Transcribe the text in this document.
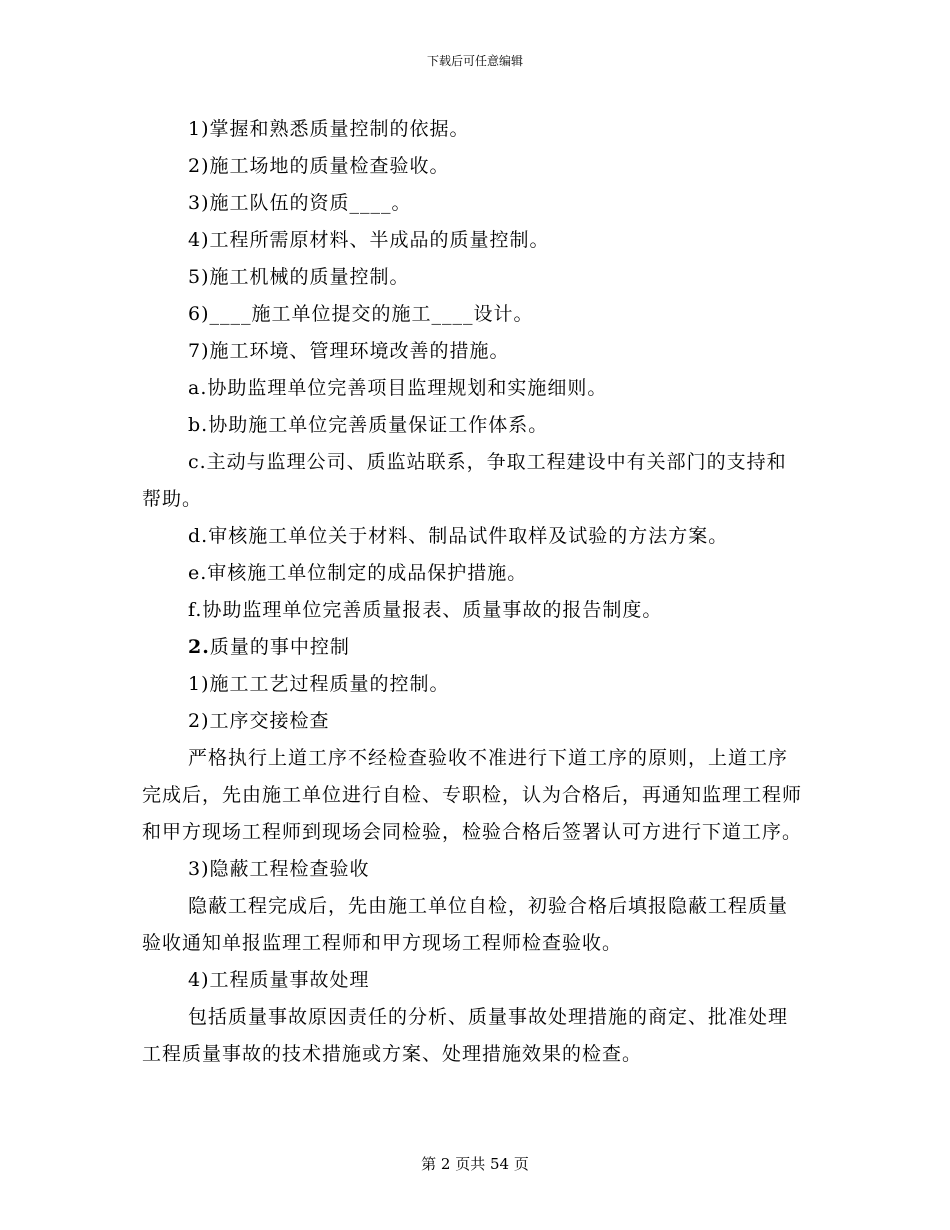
下载后可任意编辑

1)掌握和熟悉质量控制的依据。

2)施工场地的质量检查验收。

3)施工队伍的资质____。

4)工程所需原材料、半成品的质量控制。

5)施工机械的质量控制。

6)____施工单位提交的施工____设计。

7)施工环境、管理环境改善的措施。

a.协助监理单位完善项目监理规划和实施细则。

b.协助施工单位完善质量保证工作体系。

c.主动与监理公司、质监站联系，争取工程建设中有关部门的支持和帮助。

d.审核施工单位关于材料、制品试件取样及试验的方法方案。

e.审核施工单位制定的成品保护措施。

f.协助监理单位完善质量报表、质量事故的报告制度。

2.质量的事中控制

1)施工工艺过程质量的控制。

2)工序交接检查

严格执行上道工序不经检查验收不准进行下道工序的原则，上道工序完成后，先由施工单位进行自检、专职检，认为合格后，再通知监理工程师和甲方现场工程师到现场会同检验，检验合格后签署认可方进行下道工序。

3)隐蔽工程检查验收

隐蔽工程完成后，先由施工单位自检，初验合格后填报隐蔽工程质量验收通知单报监理工程师和甲方现场工程师检查验收。

4)工程质量事故处理

包括质量事故原因责任的分析、质量事故处理措施的商定、批准处理工程质量事故的技术措施或方案、处理措施效果的检查。

第 2 页共 54 页
